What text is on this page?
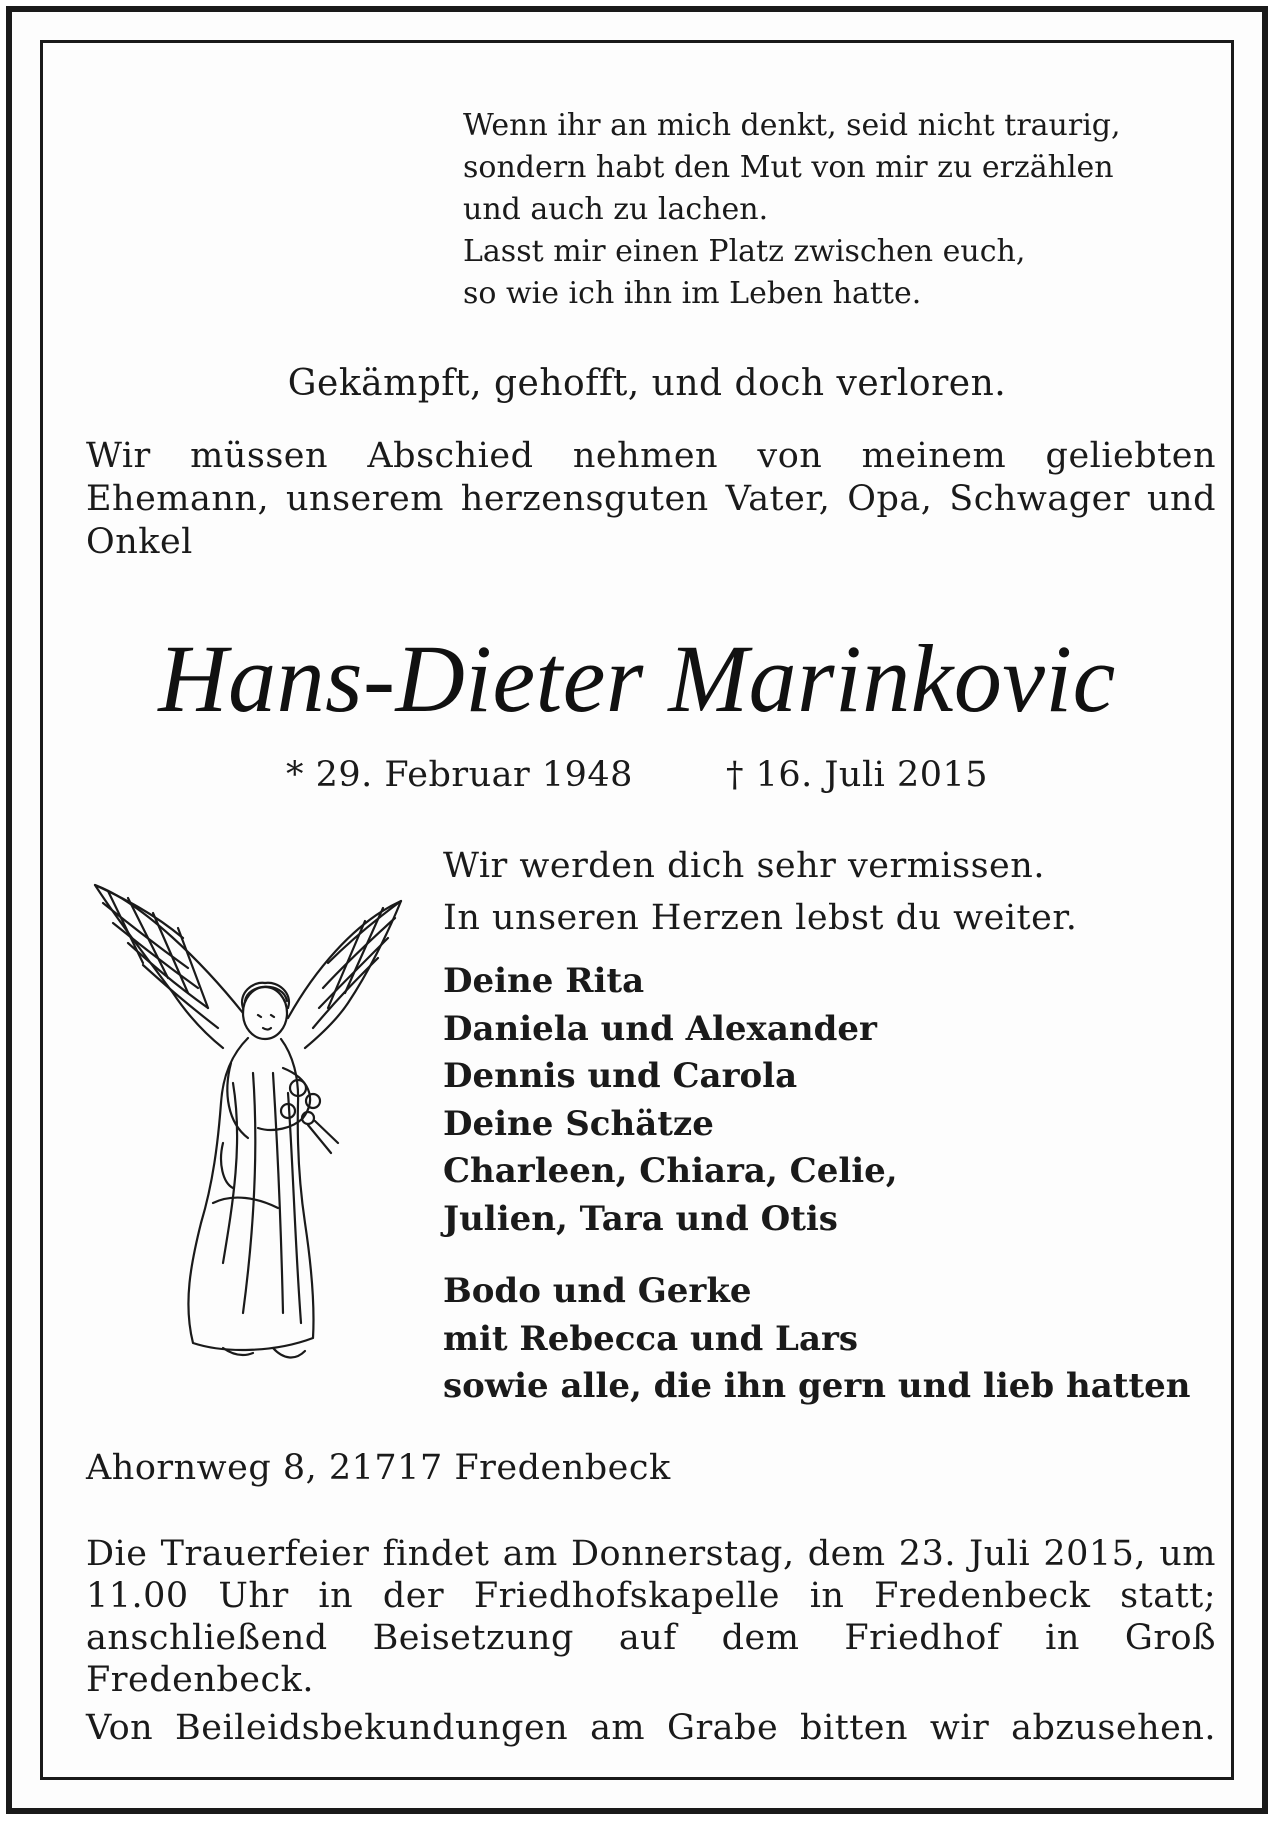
Wenn ihr an mich denkt, seid nicht traurig,
sondern habt den Mut von mir zu erzählen
und auch zu lachen.
Lasst mir einen Platz zwischen euch,
so wie ich ihn im Leben hatte.
Gekämpft, gehofft, und doch verloren.
Wir müssen Abschied nehmen von meinem geliebten Ehemann, unserem herzensguten Vater, Opa, Schwager und Onkel
Hans-Dieter Marinkovic
* 29. Februar 1948	† 16. Juli 2015
Wir werden dich sehr vermissen.
In unseren Herzen lebst du weiter.
Deine Rita
Daniela und Alexander
Dennis und Carola
Deine Schätze
Charleen, Chiara, Celie,
Julien, Tara und Otis
Bodo und Gerke
mit Rebecca und Lars
sowie alle, die ihn gern und lieb hatten
Ahornweg 8, 21717 Fredenbeck
Die Trauerfeier findet am Donnerstag, dem 23. Juli 2015, um 11.00 Uhr in der Friedhofskapelle in Fredenbeck statt; anschließend Beisetzung auf dem Friedhof in Groß Fredenbeck.
Von Beileidsbekundungen am Grabe bitten wir abzusehen.
